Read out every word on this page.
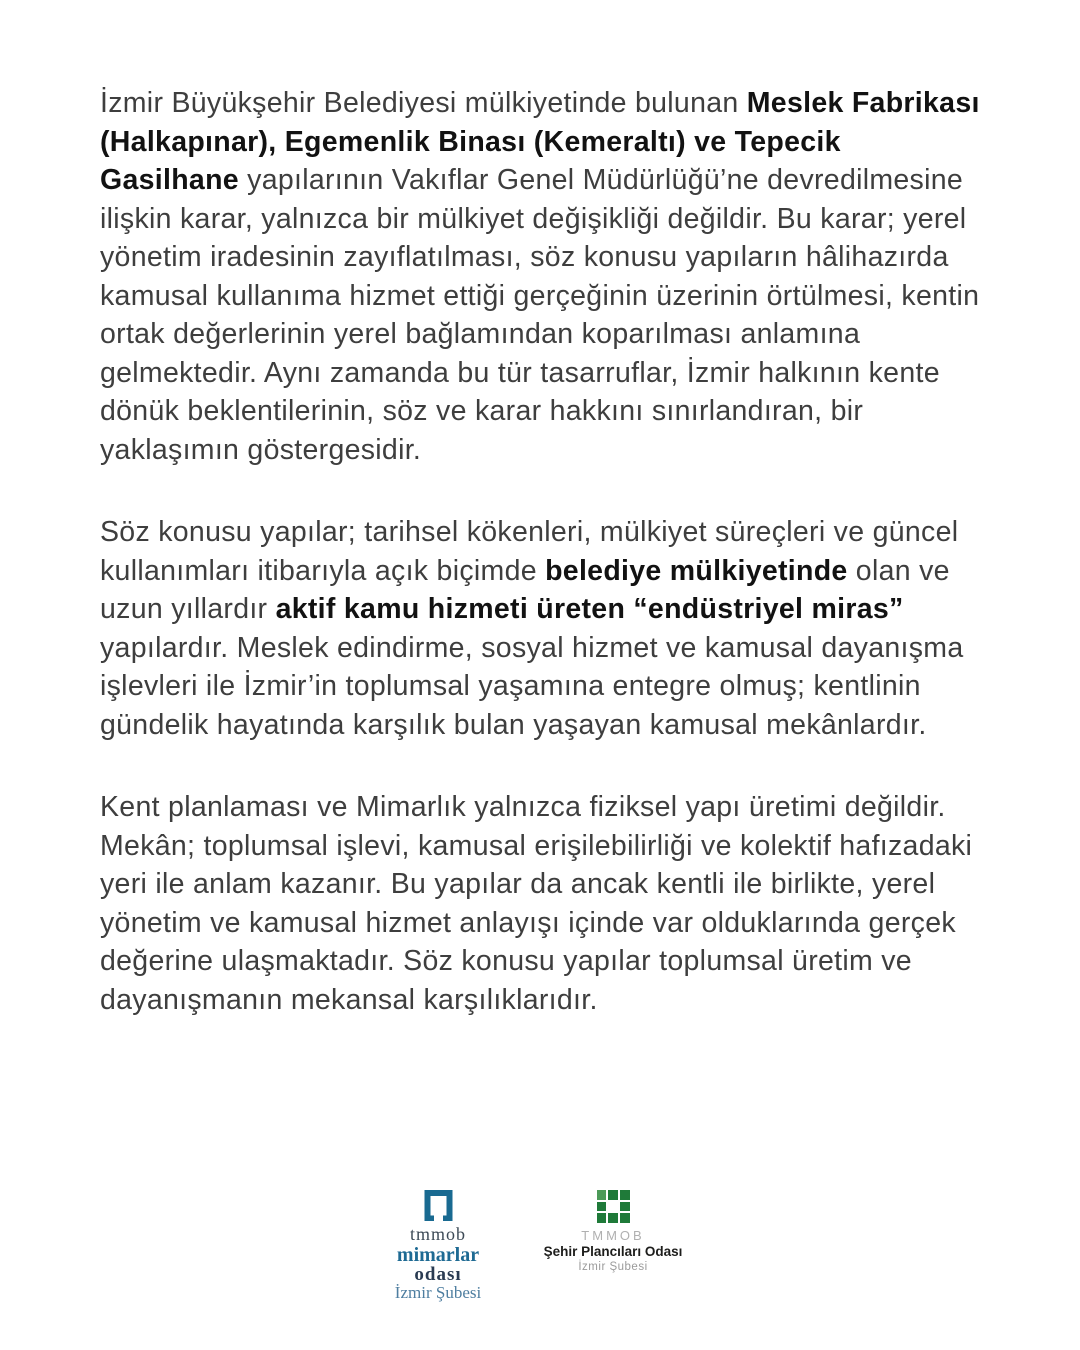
İzmir Büyükşehir Belediyesi mülkiyetinde bulunan Meslek Fabrikası (Halkapınar), Egemenlik Binası (Kemeraltı) ve Tepecik Gasilhane yapılarının Vakıflar Genel Müdürlüğü’ne devredilmesine ilişkin karar, yalnızca bir mülkiyet değişikliği değildir. Bu karar; yerel yönetim iradesinin zayıflatılması, söz konusu yapıların hâlihazırda kamusal kullanıma hizmet ettiği gerçeğinin üzerinin örtülmesi, kentin ortak değerlerinin yerel bağlamından koparılması anlamına gelmektedir. Aynı zamanda bu tür tasarruflar, İzmir halkının kente dönük beklentilerinin, söz ve karar hakkını sınırlandıran, bir yaklaşımın göstergesidir.

Söz konusu yapılar; tarihsel kökenleri, mülkiyet süreçleri ve güncel kullanımları itibarıyla açık biçimde belediye mülkiyetinde olan ve uzun yıllardır aktif kamu hizmeti üreten “endüstriyel miras” yapılardır. Meslek edindirme, sosyal hizmet ve kamusal dayanışma işlevleri ile İzmir’in toplumsal yaşamına entegre olmuş; kentlinin gündelik hayatında karşılık bulan yaşayan kamusal mekânlardır.

Kent planlaması ve Mimarlık yalnızca fiziksel yapı üretimi değildir. Mekân; toplumsal işlevi, kamusal erişilebilirliği ve kolektif hafızadaki yeri ile anlam kazanır. Bu yapılar da ancak kentli ile birlikte, yerel yönetim ve kamusal hizmet anlayışı içinde var olduklarında gerçek değerine ulaşmaktadır. Söz konusu yapılar toplumsal üretim ve dayanışmanın mekansal karşılıklarıdır.

tmmob
mimarlar
odası
İzmir Şubesi
TMMOB
Şehir Plancıları Odası
İzmir Şubesi
